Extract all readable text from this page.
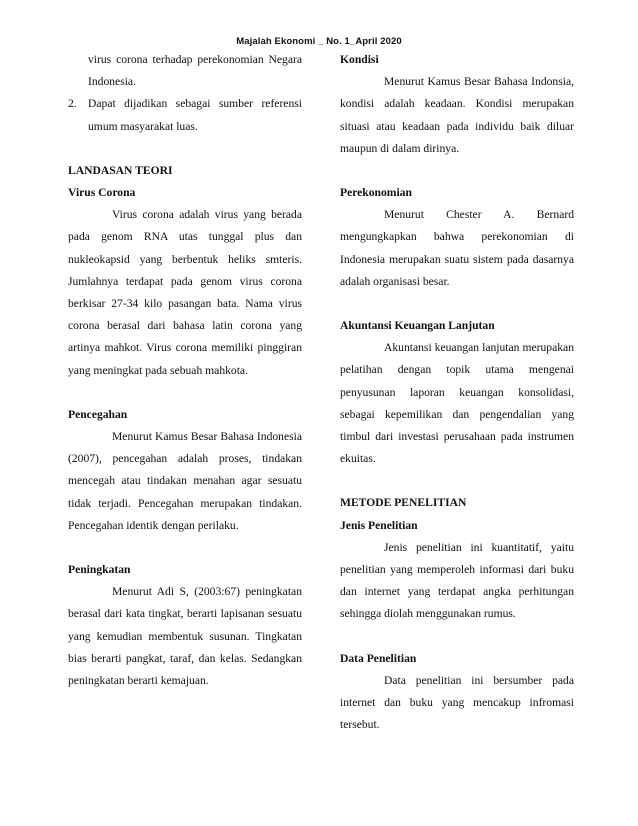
Majalah Ekonomi _ No. 1_April 2020

virus corona terhadap perekonomian Negara Indonesia.

2. Dapat dijadikan sebagai sumber referensi umum masyarakat luas.

LANDASAN TEORI

Virus Corona

Virus corona adalah virus yang berada pada genom RNA utas tunggal plus dan nukleokapsid yang berbentuk heliks smteris. Jumlahnya terdapat pada genom virus corona berkisar 27-34 kilo pasangan bata. Nama virus corona berasal dari bahasa latin corona yang artinya mahkot. Virus corona memiliki pinggiran yang meningkat pada sebuah mahkota.

Pencegahan

Menurut Kamus Besar Bahasa Indonesia (2007), pencegahan adalah proses, tindakan mencegah atau tindakan menahan agar sesuatu tidak terjadi. Pencegahan merupakan tindakan. Pencegahan identik dengan perilaku.

Peningkatan

Menurut Adi S, (2003:67) peningkatan berasal dari kata tingkat, berarti lapisanan sesuatu yang kemudian membentuk susunan. Tingkatan bias berarti pangkat, taraf, dan kelas. Sedangkan peningkatan berarti kemajuan.

Kondisi

Menurut Kamus Besar Bahasa Indonsia, kondisi adalah keadaan. Kondisi merupakan situasi atau keadaan pada individu baik diluar maupun di dalam dirinya.

Perekonomian

Menurut Chester A. Bernard mengungkapkan bahwa perekonomian di Indonesia merupakan suatu sistem pada dasarnya adalah organisasi besar.

Akuntansi Keuangan Lanjutan

Akuntansi keuangan lanjutan merupakan pelatihan dengan topik utama mengenai penyusunan laporan keuangan konsolidasi, sebagai kepemilikan dan pengendalian yang timbul dari investasi perusahaan pada instrumen ekuitas.

METODE PENELITIAN

Jenis Penelitian

Jenis penelitian ini kuantitatif, yaitu penelitian yang memperoleh informasi dari buku dan internet yang terdapat angka perhitungan sehingga diolah menggunakan rumus.

Data Penelitian

Data penelitian ini bersumber pada internet dan buku yang mencakup infromasi tersebut.
